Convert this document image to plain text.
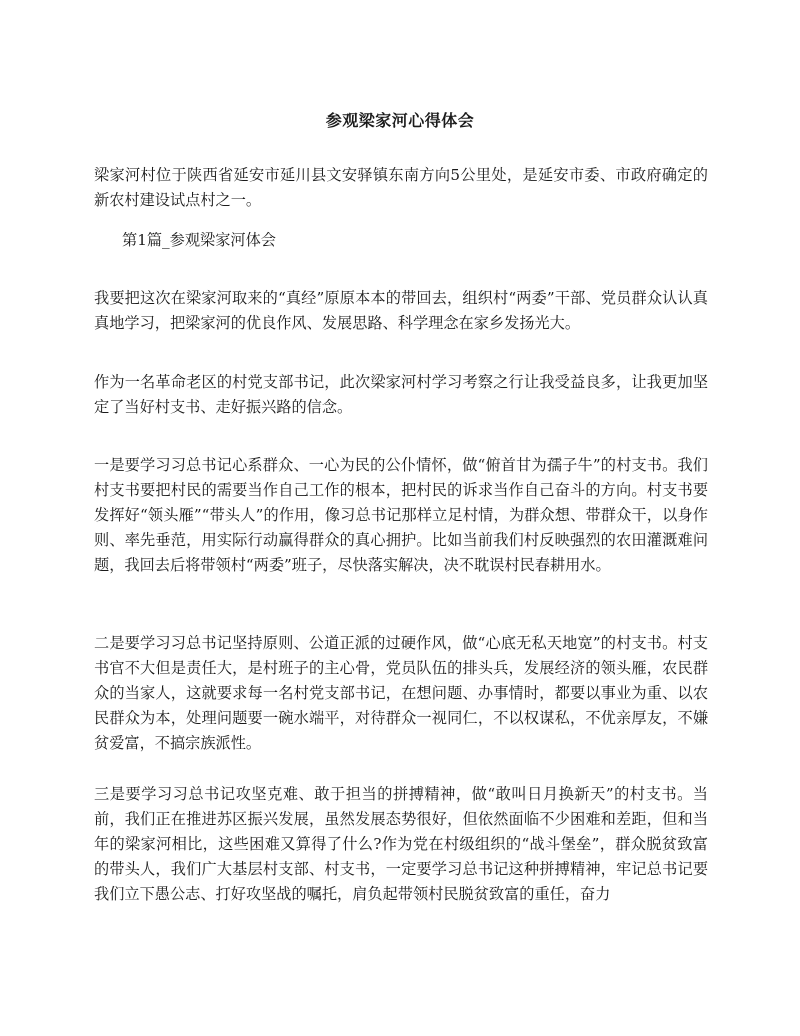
参观梁家河心得体会

梁家河村位于陕西省延安市延川县文安驿镇东南方向5公里处，是延安市委、市政府确定的新农村建设试点村之一。

第1篇_参观梁家河体会

我要把这次在梁家河取来的“真经”原原本本的带回去，组织村“两委”干部、党员群众认认真真地学习，把梁家河的优良作风、发展思路、科学理念在家乡发扬光大。

作为一名革命老区的村党支部书记，此次梁家河村学习考察之行让我受益良多，让我更加坚定了当好村支书、走好振兴路的信念。

一是要学习习总书记心系群众、一心为民的公仆情怀，做“俯首甘为孺子牛”的村支书。我们村支书要把村民的需要当作自己工作的根本，把村民的诉求当作自己奋斗的方向。村支书要发挥好“领头雁”“带头人”的作用，像习总书记那样立足村情，为群众想、带群众干，以身作则、率先垂范，用实际行动赢得群众的真心拥护。比如当前我们村反映强烈的农田灌溉难问题，我回去后将带领村“两委”班子，尽快落实解决，决不耽误村民春耕用水。

二是要学习习总书记坚持原则、公道正派的过硬作风，做“心底无私天地宽”的村支书。村支书官不大但是责任大，是村班子的主心骨，党员队伍的排头兵，发展经济的领头雁，农民群众的当家人，这就要求每一名村党支部书记，在想问题、办事情时，都要以事业为重、以农民群众为本，处理问题要一碗水端平，对待群众一视同仁，不以权谋私，不优亲厚友，不嫌贫爱富，不搞宗族派性。

三是要学习习总书记攻坚克难、敢于担当的拼搏精神，做“敢叫日月换新天”的村支书。当前，我们正在推进苏区振兴发展，虽然发展态势很好，但依然面临不少困难和差距，但和当年的梁家河相比，这些困难又算得了什么?作为党在村级组织的“战斗堡垒”，群众脱贫致富的带头人，我们广大基层村支部、村支书，一定要学习总书记这种拼搏精神，牢记总书记要我们立下愚公志、打好攻坚战的嘱托，肩负起带领村民脱贫致富的重任，奋力
